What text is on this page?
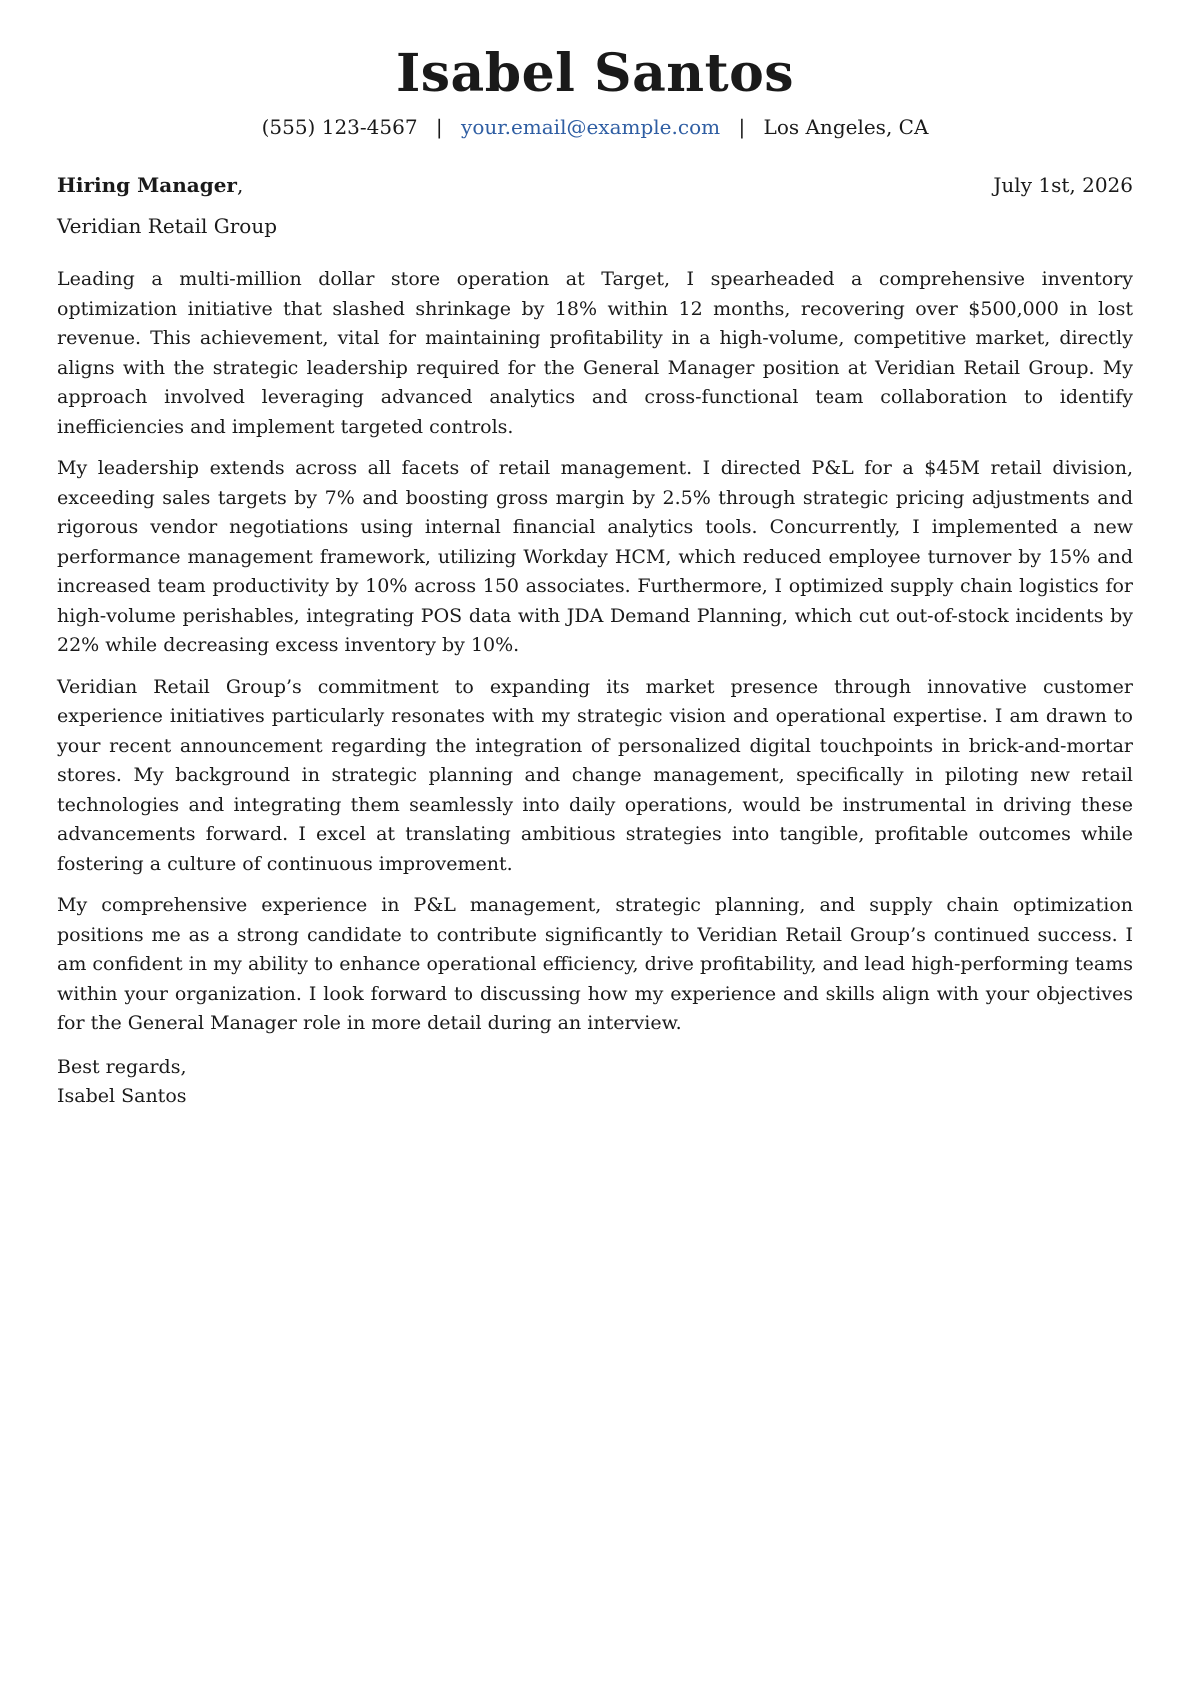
Isabel Santos
(555) 123-4567 | your.email@example.com | Los Angeles, CA
Hiring Manager,	July 1st, 2026
Veridian Retail Group

Leading a multi-million dollar store operation at Target, I spearheaded a comprehensive inventory optimization initiative that slashed shrinkage by 18% within 12 months, recovering over $500,000 in lost revenue. This achievement, vital for maintaining profitability in a high-volume, competitive market, directly aligns with the strategic leadership required for the General Manager position at Veridian Retail Group. My approach involved leveraging advanced analytics and cross-functional team collaboration to identify inefficiencies and implement targeted controls.

My leadership extends across all facets of retail management. I directed P&L for a $45M retail division, exceeding sales targets by 7% and boosting gross margin by 2.5% through strategic pricing adjustments and rigorous vendor negotiations using internal financial analytics tools. Concurrently, I implemented a new performance management framework, utilizing Workday HCM, which reduced employee turnover by 15% and increased team productivity by 10% across 150 associates. Furthermore, I optimized supply chain logistics for high-volume perishables, integrating POS data with JDA Demand Planning, which cut out-of-stock incidents by 22% while decreasing excess inventory by 10%.

Veridian Retail Group’s commitment to expanding its market presence through innovative customer experience initiatives particularly resonates with my strategic vision and operational expertise. I am drawn to your recent announcement regarding the integration of personalized digital touchpoints in brick-and-mortar stores. My background in strategic planning and change management, specifically in piloting new retail technologies and integrating them seamlessly into daily operations, would be instrumental in driving these advancements forward. I excel at translating ambitious strategies into tangible, profitable outcomes while fostering a culture of continuous improvement.

My comprehensive experience in P&L management, strategic planning, and supply chain optimization positions me as a strong candidate to contribute significantly to Veridian Retail Group’s continued success. I am confident in my ability to enhance operational efficiency, drive profitability, and lead high-performing teams within your organization. I look forward to discussing how my experience and skills align with your objectives for the General Manager role in more detail during an interview.

Best regards,
Isabel Santos
